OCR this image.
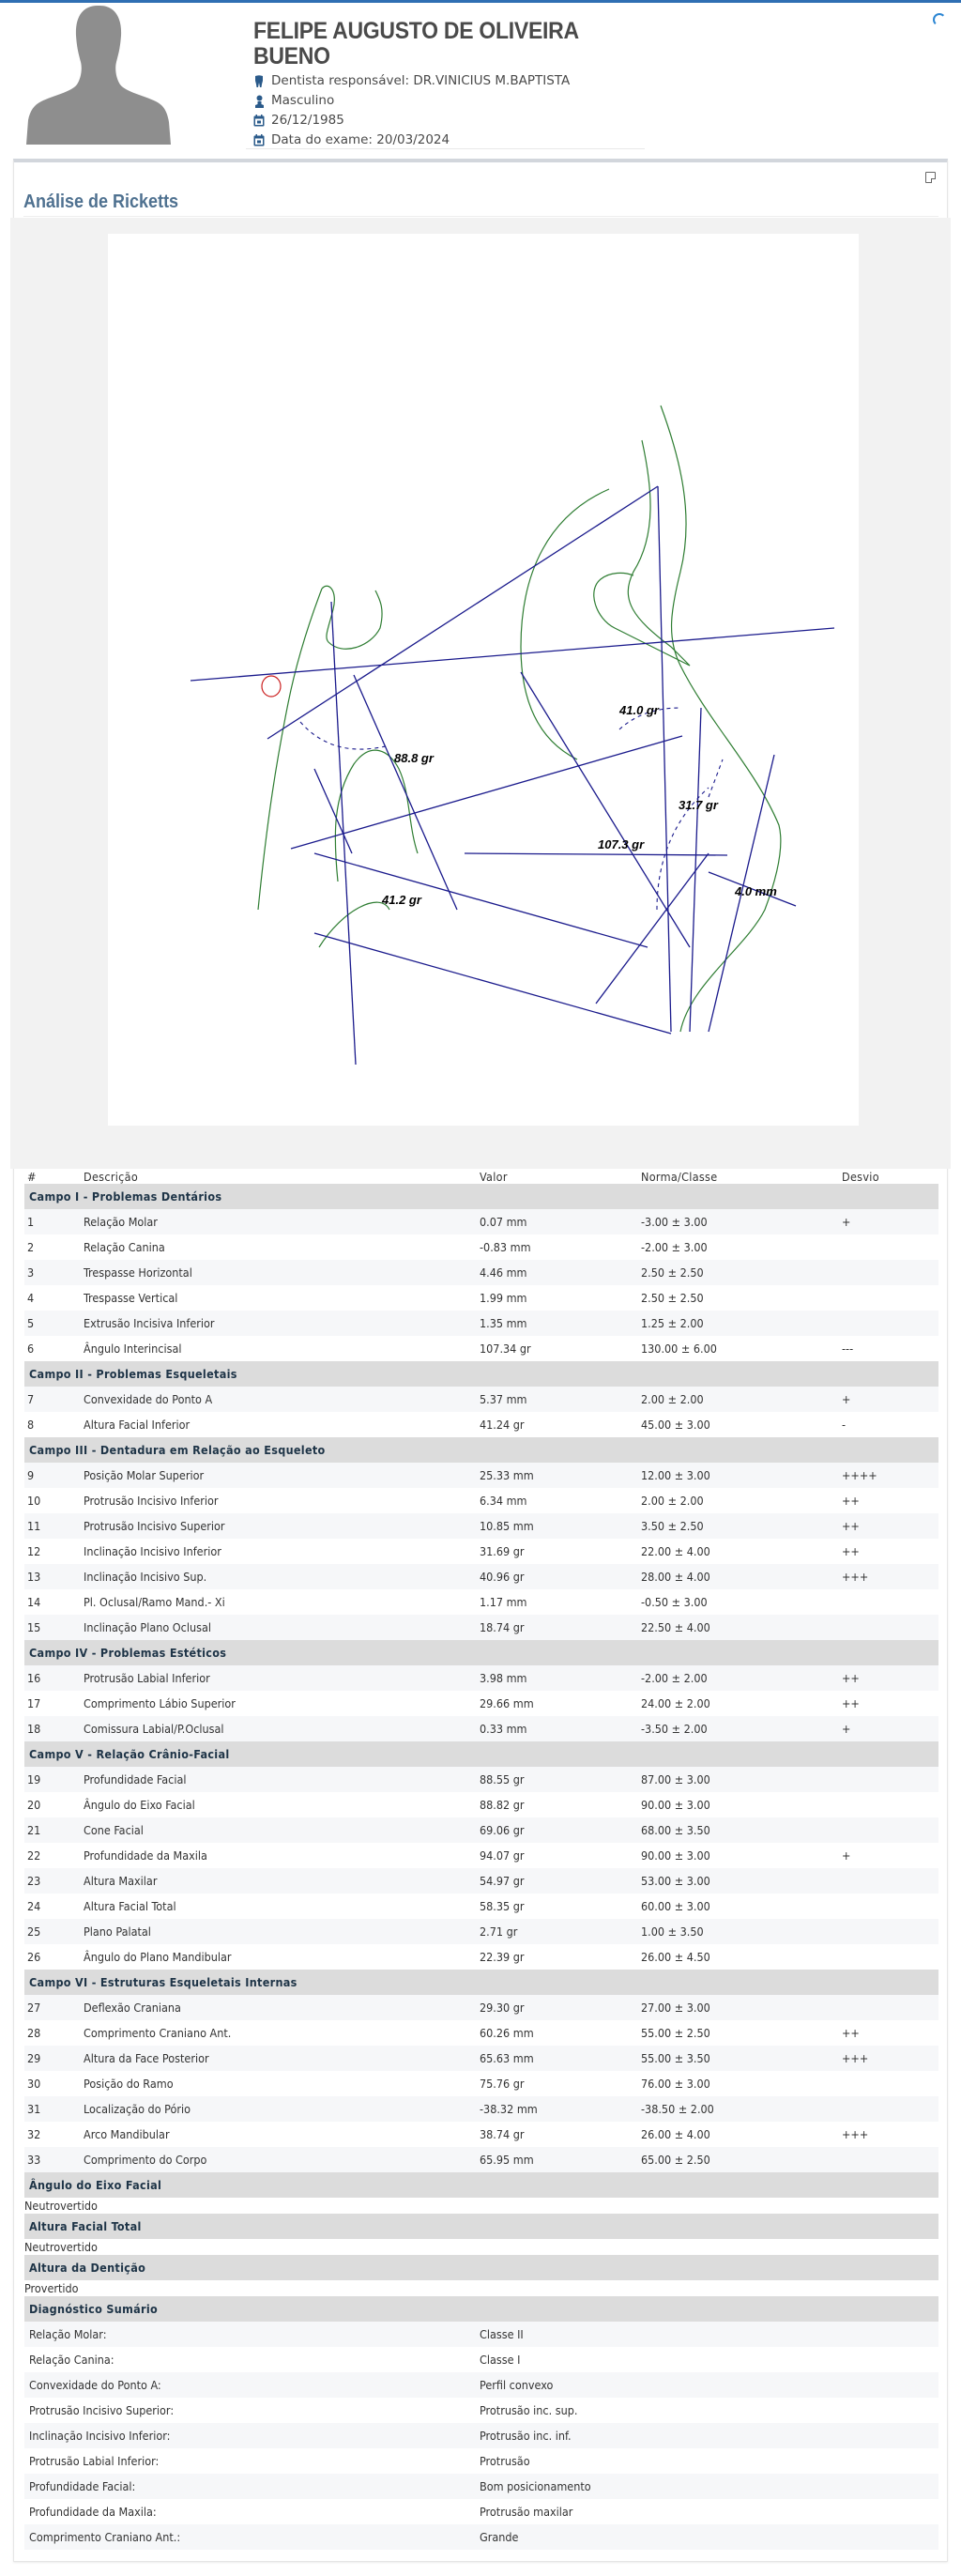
FELIPE AUGUSTO DE OLIVEIRA
BUENO
Dentista responsável: DR.VINICIUS M.BAPTISTA
Masculino
26/12/1985
Data do exame: 20/03/2024
Análise de Ricketts
41.0 gr
88.8 gr
31.7 gr
107.3 gr
41.2 gr
4.0 mm
#	Descrição	Valor	Norma/Classe	Desvio
Campo I - Problemas Dentários				
1	Relação Molar	0.07 mm	-3.00 ± 3.00	+
2	Relação Canina	-0.83 mm	-2.00 ± 3.00	
3	Trespasse Horizontal	4.46 mm	2.50 ± 2.50	
4	Trespasse Vertical	1.99 mm	2.50 ± 2.50	
5	Extrusão Incisiva Inferior	1.35 mm	1.25 ± 2.00	
6	Ângulo Interincisal	107.34 gr	130.00 ± 6.00	---
Campo II - Problemas Esqueletais				
7	Convexidade do Ponto A	5.37 mm	2.00 ± 2.00	+
8	Altura Facial Inferior	41.24 gr	45.00 ± 3.00	-
Campo III - Dentadura em Relação ao Esqueleto				
9	Posição Molar Superior	25.33 mm	12.00 ± 3.00	++++
10	Protrusão Incisivo Inferior	6.34 mm	2.00 ± 2.00	++
11	Protrusão Incisivo Superior	10.85 mm	3.50 ± 2.50	++
12	Inclinação Incisivo Inferior	31.69 gr	22.00 ± 4.00	++
13	Inclinação Incisivo Sup.	40.96 gr	28.00 ± 4.00	+++
14	Pl. Oclusal/Ramo Mand.- Xi	1.17 mm	-0.50 ± 3.00	
15	Inclinação Plano Oclusal	18.74 gr	22.50 ± 4.00	
Campo IV - Problemas Estéticos				
16	Protrusão Labial Inferior	3.98 mm	-2.00 ± 2.00	++
17	Comprimento Lábio Superior	29.66 mm	24.00 ± 2.00	++
18	Comissura Labial/P.Oclusal	0.33 mm	-3.50 ± 2.00	+
Campo V - Relação Crânio-Facial				
19	Profundidade Facial	88.55 gr	87.00 ± 3.00	
20	Ângulo do Eixo Facial	88.82 gr	90.00 ± 3.00	
21	Cone Facial	69.06 gr	68.00 ± 3.50	
22	Profundidade da Maxila	94.07 gr	90.00 ± 3.00	+
23	Altura Maxilar	54.97 gr	53.00 ± 3.00	
24	Altura Facial Total	58.35 gr	60.00 ± 3.00	
25	Plano Palatal	2.71 gr	1.00 ± 3.50	
26	Ângulo do Plano Mandibular	22.39 gr	26.00 ± 4.50	
Campo VI - Estruturas Esqueletais Internas				
27	Deflexão Craniana	29.30 gr	27.00 ± 3.00	
28	Comprimento Craniano Ant.	60.26 mm	55.00 ± 2.50	++
29	Altura da Face Posterior	65.63 mm	55.00 ± 3.50	+++
30	Posição do Ramo	75.76 gr	76.00 ± 3.00	
31	Localização do Pório	-38.32 mm	-38.50 ± 2.00	
32	Arco Mandibular	38.74 gr	26.00 ± 4.00	+++
33	Comprimento do Corpo	65.95 mm	65.00 ± 2.50	
Ângulo do Eixo Facial				
Neutrovertido				
Altura Facial Total				
Neutrovertido				
Altura da Dentição				
Provertido				
Diagnóstico Sumário				
Relação Molar:		Classe II		
Relação Canina:		Classe I		
Convexidade do Ponto A:		Perfil convexo		
Protrusão Incisivo Superior:		Protrusão inc. sup.		
Inclinação Incisivo Inferior:		Protrusão inc. inf.		
Protrusão Labial Inferior:		Protrusão		
Profundidade Facial:		Bom posicionamento		
Profundidade da Maxila:		Protrusão maxilar		
Comprimento Craniano Ant.:		Grande		
